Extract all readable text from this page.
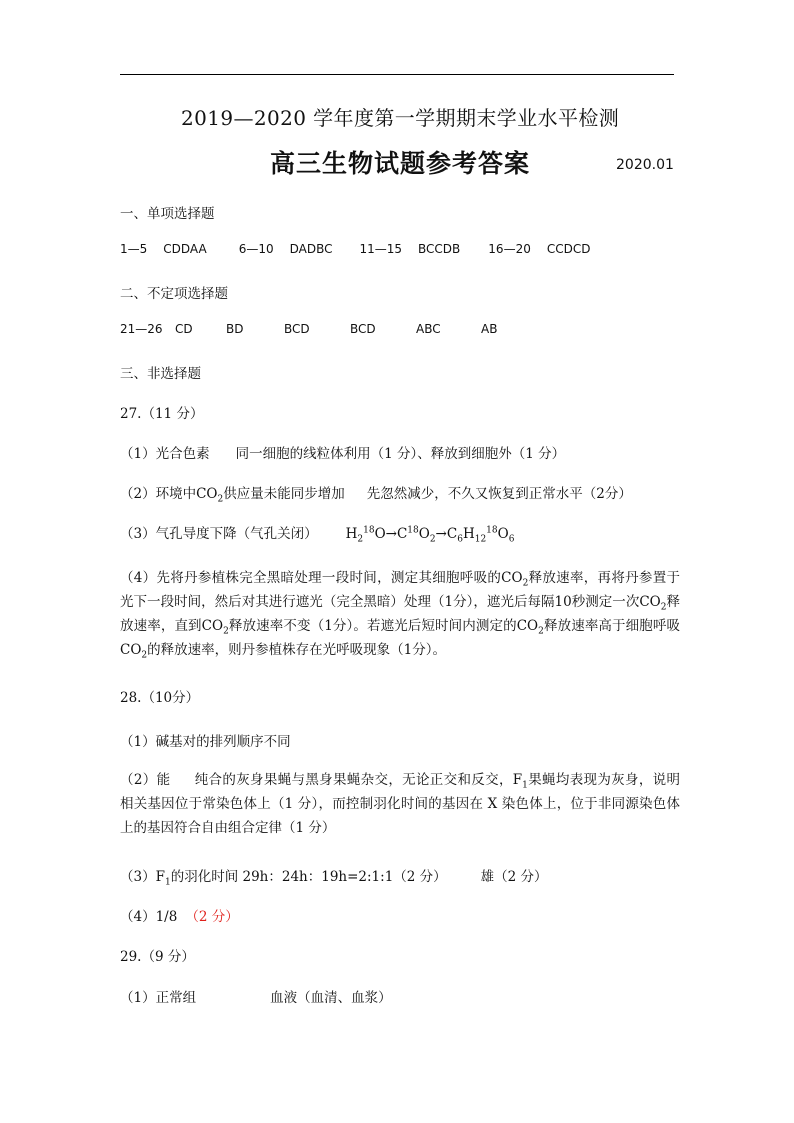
2019—2020 学年度第一学期期末学业水平检测
高三生物试题参考答案	2020.01
一、单项选择题
1—5 CDDAA	6—10 DADBC 11—15 BCCDB 16—20 CCDCD
二、不定项选择题
21—26 CD	BD	BCD	BCD	ABC	AB
三、非选择题
27.（11 分）
（1）光合色素 同一细胞的线粒体利用（1 分）、释放到细胞外（1 分）
（2）环境中$CO_2$供应量未能同步增加 先忽然减少，不久又恢复到正常水平（2分）
（3）气孔导度下降（气孔关闭） $H_2^{18}O\to C^{18}O_2\to C_6H_{12}^{18}O_6$
（4）先将丹参植株完全黑暗处理一段时间，测定其细胞呼吸的$CO_2$释放速率，再将丹参置于光下一段时间，然后对其进行遮光（完全黑暗）处理（1分），遮光后每隔10秒测定一次$CO_2$释放速率，直到$CO_2$释放速率不变（1分）。若遮光后短时间内测定的$CO_2$释放速率高于细胞呼吸$CO_2$的释放速率，则丹参植株存在光呼吸现象（1分）。
28.（10分）
（1）碱基对的排列顺序不同
（2）能 纯合的灰身果蝇与黑身果蝇杂交，无论正交和反交，$F_1$果蝇均表现为灰身，说明相关基因位于常染色体上（1 分），而控制羽化时间的基因在 X 染色体上，位于非同源染色体上的基因符合自由组合定律（1 分）
$(3)F_1$的羽化时间 29h：24h：19h=2:1:1（2 分）	雄（2 分）
（4）1/8 （2 分）
29.（9 分）
（1）正常组	血液（血清、血浆）
